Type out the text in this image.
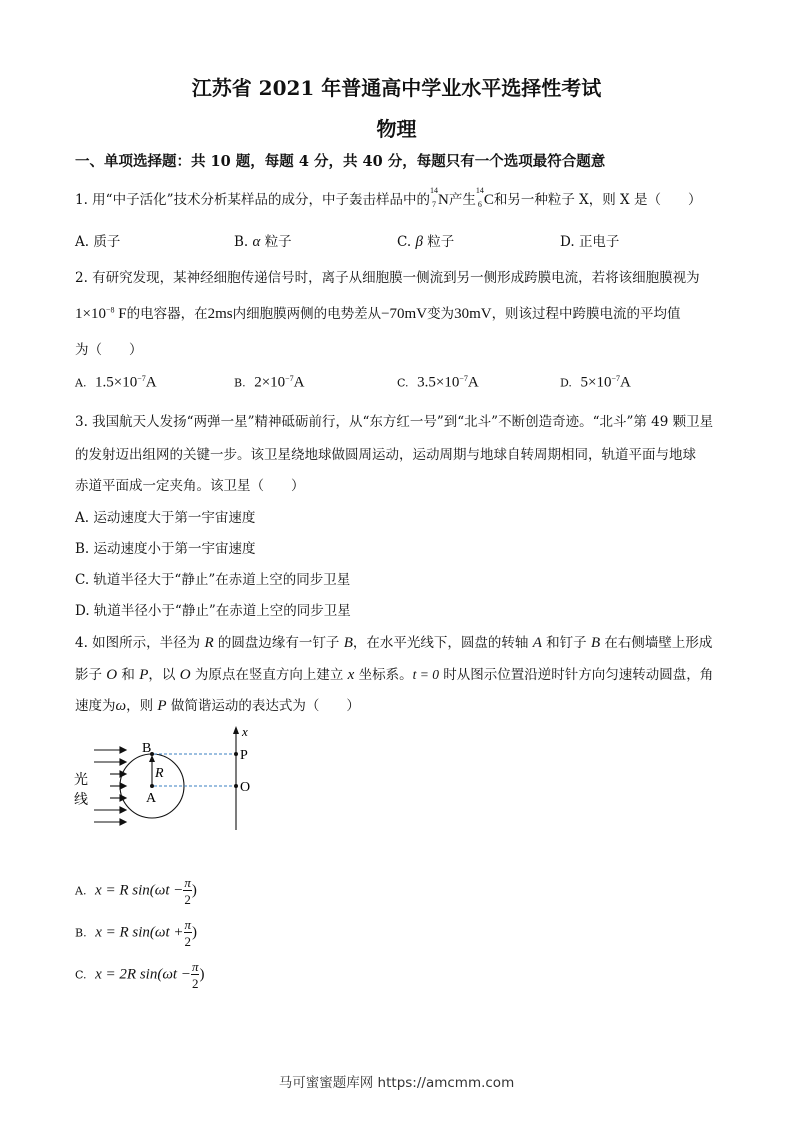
江苏省 2021 年普通高中学业水平选择性考试
物理
一、单项选择题：共 10 题，每题 4 分，共 40 分，每题只有一个选项最符合题意
1. 用“中子活化”技术分析某样品的成分，中子轰击样品中的
14
7 N产生
14
6 C和另一种粒子 X，则 X 是（　　）
A. 质子	B. α 粒子	C. β 粒子	D. 正电子
2. 有研究发现，某神经细胞传递信号时，离子从细胞膜一侧流到另一侧形成跨膜电流，若将该细胞膜视为
$1\times 10^{-8}$ F的电容器，在2ms内细胞膜两侧的电势差从−70mV变为30mV，则该过程中跨膜电流的平均值
为（　　）
A. $1.5\times 10^{-7}A$	B. $2\times 10^{-7}A$	C. $3.5\times 10^{-7}A$	D. $5\times 10^{-7}A$
3. 我国航天人发扬“两弹一星”精神砥砺前行，从“东方红一号”到“北斗”不断创造奇迹。“北斗”第 49 颗卫星
的发射迈出组网的关键一步。该卫星绕地球做圆周运动，运动周期与地球自转周期相同，轨道平面与地球
赤道平面成一定夹角。该卫星（　　）
A. 运动速度大于第一宇宙速度
B. 运动速度小于第一宇宙速度
C. 轨道半径大于“静止”在赤道上空的同步卫星
D. 轨道半径小于“静止”在赤道上空的同步卫星
4. 如图所示，半径为 R 的圆盘边缘有一钉子 B，在水平光线下，圆盘的转轴 A 和钉子 B 在右侧墙壁上形成
影子 O 和 P，以 O 为原点在竖直方向上建立 x 坐标系。t = 0 时从图示位置沿逆时针方向匀速转动圆盘，角
速度为ω，则 P 做简谐运动的表达式为（　　）
B	P
R
A
O
x
光
线
A. x = R $\sin(\omega t - \frac{\pi}{2}$ )
B. x = R $\sin(\omega t + \frac{\pi}{2}$ )
C. x = 2R $\sin(\omega t - \frac{\pi}{2}$ )
马可蜜蜜题库网 https://amcmm.com
